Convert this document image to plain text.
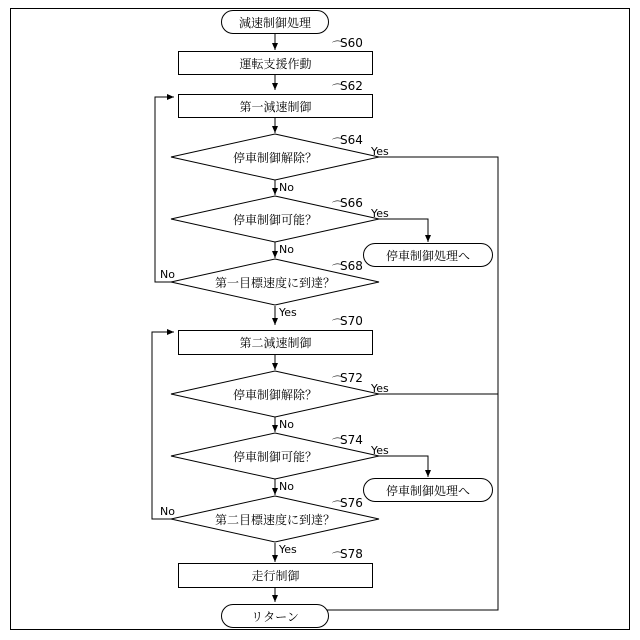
減速制御処理
運転支援作動
S60
⌒
第一減速制御
S62
⌒
停車制御解除？
S64
⌒
Yes
No
停車制御可能？
S66
⌒
Yes
No	停車制御処理へ
第一目標速度に到達？
S68
⌒
No
Yes
第二減速制御
S70
⌒
停車制御解除？
S72
⌒
Yes
No
停車制御可能？
S74
⌒
Yes
No	停車制御処理へ
第二目標速度に到達？
S76
⌒
No
Yes
走行制御
S78
⌒
リターン
